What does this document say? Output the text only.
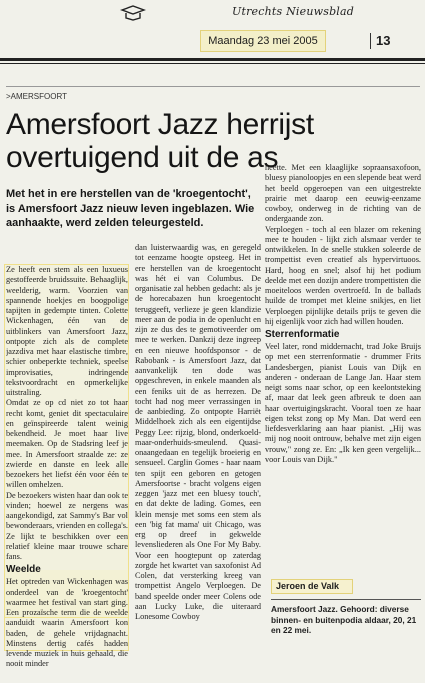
Utrechts Nieuwsblad
Maandag 23 mei 2005	13
>AMERSFOORT
Amersfoort Jazz herrijst overtuigend uit de as
Met het in ere herstellen van de 'kroegentocht', is Amersfoort Jazz nieuw leven ingeblazen. Wie aanhaakte, werd zelden teleurgesteld.

Ze heeft een stem als een luxueus gestoffeerde bruidssuite. Behaaglijk, weelderig, warm. Voorzien van spannende hoekjes en boogpolige tapijten in gedempte tinten. Colette Wickenhagen, één van de uitblinkers van Amersfoort Jazz, ontpopte zich als de complete jazzdiva met haar elastische timbre, schier onbeperkte techniek, speelse improvisaties, indringende tekstvoordracht en opmerkelijke uitstraling.

Omdat ze op cd niet zo tot haar recht komt, geniet dit spectaculaire en geïnspireerde talent weinig bekendheid. Je moet haar live meemaken. Op de Stadsring leef je mee. In Amersfoort straalde ze: ze zwierde en danste en leek alle bezoekers het liefst één voor één te willen omhelzen.

De bezoekers wisten haar dan ook te vinden; hoewel ze nergens was aangekondigd, zat Sammy's Bar vol bewonderaars, vrienden en collega's. Ze lijkt te beschikken over een relatief kleine maar trouwe schare fans.

Weelde

Het optreden van Wickenhagen was onderdeel van de 'kroegentocht' waarmee het festival van start ging. Een prozaïsche term die de weelde aanduidt waarin Amersfoort kon baden, de gehele vrijdagnacht. Minstens dertig cafés hadden levende muziek in huis gehaald, die nooit minder

dan luisterwaardig was, en geregeld tot eenzame hoogte opsteeg. Het in ere herstellen van de kroegentocht was hét ei van Columbus. De organisatie zal hebben gedacht: als je de horecabazen hun kroegentocht teruggeeft, verlieze je geen klandizie meer aan de podia in de openlucht en zijn ze dus des te gemotiveerder om mee te werken. Dankzij deze ingreep en een nieuwe hoofdsponsor - de Rabobank - is Amersfoort Jazz, dat aanvankelijk ten dode was opgeschreven, in enkele maanden als een feniks uit de as herrezen. De tocht had nog meer verrassingen in de aanbieding. Zo ontpopte Harriët Middelhoek zich als een eigentijdse Peggy Lee: rijzig, blond, onderkoeld-maar-onderhuids-smeulend. Quasi-onaangedaan en tegelijk broeierig en sensueel. Carglin Gomes - haar naam ten spijt een geboren en getogen Amersfoortse - bracht volgens eigen zeggen 'jazz met een bluesy touch', en dat dekte de lading. Gomes, een klein mensje met soms een stem als een 'big fat mama' uit Chicago, was erg op dreef in gekwelde levensliederen als One For My Baby. Voor een hoogtepunt op zaterdag zorgde het kwartet van saxofonist Ad Colen, dat versterking kreeg van trompettist Angelo Verploegen. De band speelde onder meer Colens ode aan Lucky Luke, die uiteraard Lonesome Cowboy

heette. Met een klaaglijke sopraansaxofoon, bluesy pianoloopjes en een slepende beat werd het beeld opgeroepen van een uitgestrekte prairie met daarop een eeuwig-eenzame cowboy, onderweg in de richting van de ondergaande zon.

Verploegen - toch al een blazer om rekening mee te houden - lijkt zich alsmaar verder te ontwikkelen. In de snelle stukken soleerde de trompettist even creatief als hypervirtuoos. Hard, hoog en snel; alsof hij het podium deelde met een dozijn andere trompettisten die moeiteloos werden overtroefd. In de ballads huilde de trompet met kleine snikjes, en liet Verploegen pijnlijke details prijs te geven die hij eigenlijk voor zich had willen houden.

Sterrenformatie

Veel later, rond middernacht, trad Joke Bruijs op met een sterrenformatie - drummer Frits Landesbergen, pianist Louis van Dijk en anderen - onderaan de Lange Jan. Haar stem neigt soms naar schor, op een keelontsteking af, maar dat leek geen afbreuk te doen aan haar overtuigingskracht. Vooral toen ze haar eigen tekst zong op My Man. Dat werd een liefdesverklaring aan haar pianist. „Hij was mij nog nooit ontrouw, behalve met zijn eigen vrouw," zong ze. En: „Ik ken geen vergelijk... voor Louis van Dijk."

Jeroen de Valk
Amersfoort Jazz. Gehoord: diverse binnen- en buitenpodia aldaar, 20, 21 en 22 mei.
